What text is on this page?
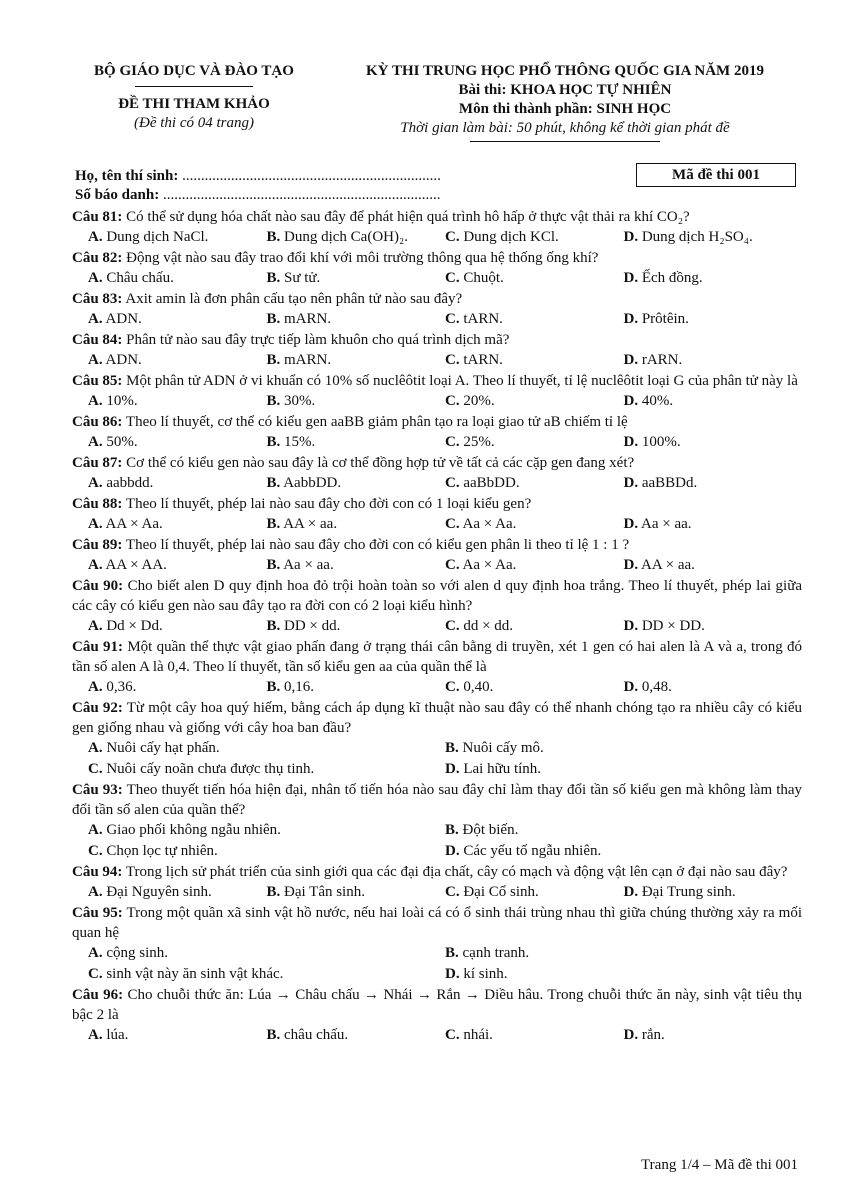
BỘ GIÁO DỤC VÀ ĐÀO TẠO
ĐỀ THI THAM KHẢO
(Đề thi có 04 trang)
KỲ THI TRUNG HỌC PHỔ THÔNG QUỐC GIA NĂM 2019
Bài thi: KHOA HỌC TỰ NHIÊN
Môn thi thành phần: SINH HỌC
Thời gian làm bài: 50 phút, không kể thời gian phát đề
Họ, tên thí sinh: .....................................................................
Số báo danh: ..........................................................................
Mã đề thi 001
Câu 81: Có thể sử dụng hóa chất nào sau đây để phát hiện quá trình hô hấp ở thực vật thải ra khí CO₂?
A. Dung dịch NaCl.	B. Dung dịch Ca(OH)₂.	C. Dung dịch KCl.	D. Dung dịch H₂SO₄.
Câu 82: Động vật nào sau đây trao đổi khí với môi trường thông qua hệ thống ống khí?
A. Châu chấu.	B. Sư tử.	C. Chuột.	D. Ếch đồng.
Câu 83: Axit amin là đơn phân cấu tạo nên phân tử nào sau đây?
A. ADN.	B. mARN.	C. tARN.	D. Prôtêin.
Câu 84: Phân tử nào sau đây trực tiếp làm khuôn cho quá trình dịch mã?
A. ADN.	B. mARN.	C. tARN.	D. rARN.
Câu 85: Một phân tử ADN ở vi khuẩn có 10% số nuclêôtit loại A. Theo lí thuyết, tỉ lệ nuclêôtit loại G của phân tử này là
A. 10%.	B. 30%.	C. 20%.	D. 40%.
Câu 86: Theo lí thuyết, cơ thể có kiểu gen aaBB giảm phân tạo ra loại giao tử aB chiếm tỉ lệ
A. 50%.	B. 15%.	C. 25%.	D. 100%.
Câu 87: Cơ thể có kiểu gen nào sau đây là cơ thể đồng hợp tử về tất cả các cặp gen đang xét?
A. aabbdd.	B. AabbDD.	C. aaBbDD.	D. aaBBDd.
Câu 88: Theo lí thuyết, phép lai nào sau đây cho đời con có 1 loại kiểu gen?
A. AA × Aa.	B. AA × aa.	C. Aa × Aa.	D. Aa × aa.
Câu 89: Theo lí thuyết, phép lai nào sau đây cho đời con có kiểu gen phân li theo tỉ lệ 1 : 1 ?
A. AA × AA.	B. Aa × aa.	C. Aa × Aa.	D. AA × aa.
Câu 90: Cho biết alen D quy định hoa đỏ trội hoàn toàn so với alen d quy định hoa trắng. Theo lí thuyết, phép lai giữa các cây có kiểu gen nào sau đây tạo ra đời con có 2 loại kiểu hình?
A. Dd × Dd.	B. DD × dd.	C. dd × dd.	D. DD × DD.
Câu 91: Một quần thể thực vật giao phấn đang ở trạng thái cân bằng di truyền, xét 1 gen có hai alen là A và a, trong đó tần số alen A là 0,4. Theo lí thuyết, tần số kiểu gen aa của quần thể là
A. 0,36.	B. 0,16.	C. 0,40.	D. 0,48.
Câu 92: Từ một cây hoa quý hiếm, bằng cách áp dụng kĩ thuật nào sau đây có thể nhanh chóng tạo ra nhiều cây có kiểu gen giống nhau và giống với cây hoa ban đầu?
A. Nuôi cấy hạt phấn.	B. Nuôi cấy mô.
C. Nuôi cấy noãn chưa được thụ tinh.	D. Lai hữu tính.
Câu 93: Theo thuyết tiến hóa hiện đại, nhân tố tiến hóa nào sau đây chỉ làm thay đổi tần số kiểu gen mà không làm thay đổi tần số alen của quần thể?
A. Giao phối không ngẫu nhiên.	B. Đột biến.
C. Chọn lọc tự nhiên.	D. Các yếu tố ngẫu nhiên.
Câu 94: Trong lịch sử phát triển của sinh giới qua các đại địa chất, cây có mạch và động vật lên cạn ở đại nào sau đây?
A. Đại Nguyên sinh.	B. Đại Tân sinh.	C. Đại Cổ sinh.	D. Đại Trung sinh.
Câu 95: Trong một quần xã sinh vật hồ nước, nếu hai loài cá có ổ sinh thái trùng nhau thì giữa chúng thường xảy ra mối quan hệ
A. cộng sinh.	B. cạnh tranh.
C. sinh vật này ăn sinh vật khác.	D. kí sinh.
Câu 96: Cho chuỗi thức ăn: Lúa → Châu chấu → Nhái → Rắn → Diều hâu. Trong chuỗi thức ăn này, sinh vật tiêu thụ bậc 2 là
A. lúa.	B. châu chấu.	C. nhái.	D. rắn.
Trang 1/4 – Mã đề thi 001
